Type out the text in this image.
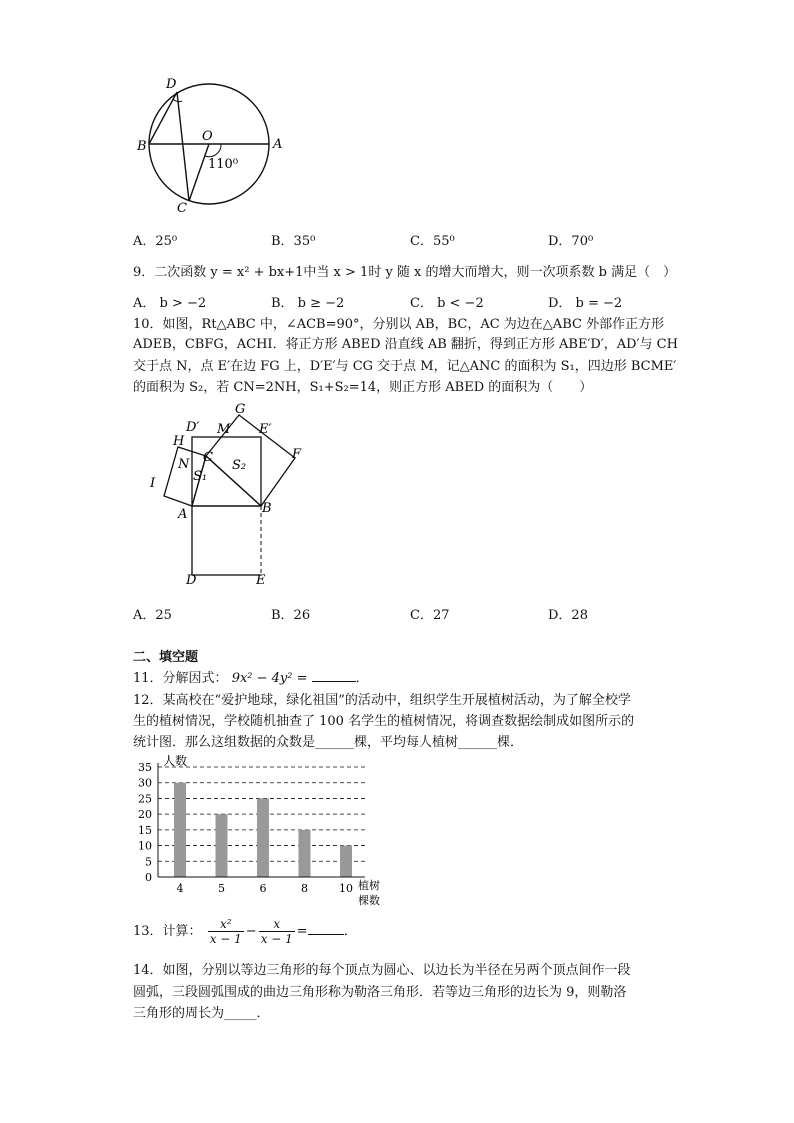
D
O
B	A
C
110⁰
A．25⁰	B．35⁰	C．55⁰	D．70⁰
9．二次函数 y = x² + bx+1中当 x > 1时 y 随 x 的增大而增大，则一次项系数 b 满足（　）
A． b > −2	B． b ≥ −2	C． b < −2	D． b = −2
10．如图，Rt△ABC 中，∠ACB=90°，分别以 AB，BC，AC 为边在△ABC 外部作正方形
ADEB，CBFG，ACHI．将正方形 ABED 沿直线 AB 翻折，得到正方形 ABE′D′，AD′与 CH
交于点 N，点 E′在边 FG 上，D′E′与 CG 交于点 M，记△ANC 的面积为 S₁，四边形 BCME′
的面积为 S₂，若 CN=2NH，S₁+S₂=14，则正方形 ABED 的面积为（　　）
G
D′ M E′
H
F
C
N	S₂
S₁
I
A	B
D	E
A．25	B．26	C．27	D．28
二、填空题
11．分解因式： 9x² − 4y² =	．
12．某高校在“爱护地球，绿化祖国”的活动中，组织学生开展植树活动，为了解全校学
生的植树情况，学校随机抽查了 100 名学生的植树情况，将调查数据绘制成如图所示的
统计图．那么这组数据的众数是______棵，平均每人植树______棵．
0
5
10
15
20
25
30
35
4	5	6	8	10
人数
植树
棵数
13．计算： $\frac{\text{x²}}{x - 1} - \frac{x}{x - 1}$ =	．
14．如图，分别以等边三角形的每个顶点为圆心、以边长为半径在另两个顶点间作一段
圆弧，三段圆弧围成的曲边三角形称为勒洛三角形．若等边三角形的边长为 9，则勒洛
三角形的周长为_____．
